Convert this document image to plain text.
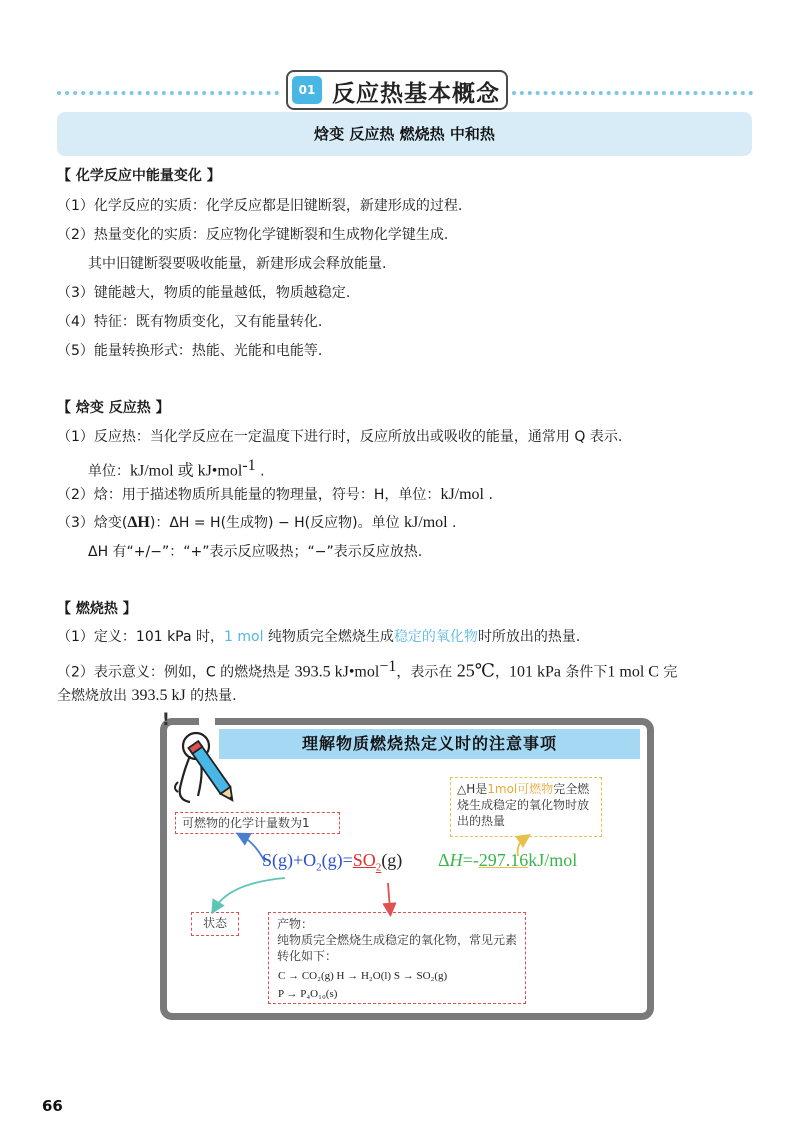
01 反应热基本概念
焓变 反应热 燃烧热 中和热
【 化学反应中能量变化 】
（1）化学反应的实质：化学反应都是旧键断裂，新建形成的过程.
（2）热量变化的实质：反应物化学键断裂和生成物化学键生成.
其中旧键断裂要吸收能量，新建形成会释放能量.
（3）键能越大，物质的能量越低，物质越稳定.
（4）特征：既有物质变化，又有能量转化.
（5）能量转换形式：热能、光能和电能等.
【 焓变 反应热 】
（1）反应热：当化学反应在一定温度下进行时，反应所放出或吸收的能量，通常用 Q 表示.
单位：kJ/mol 或 kJ•mol$^{-1}$ .
（2）焓：用于描述物质所具能量的物理量，符号：H，单位：kJ/mol .
（3）焓变(ΔH)：ΔH = H(生成物) − H(反应物)。单位 kJ/mol .
ΔH 有“+/−”：“+”表示反应吸热；“−”表示反应放热.
【 燃烧热 】
（1）定义：101 kPa 时，1 mol 纯物质完全燃烧生成稳定的氧化物时所放出的热量.
（2）表示意义：例如，C 的燃烧热是 393.5 kJ•mol$^{-1}$，表示在 25℃，101 kPa 条件下1 mol C 完
全燃烧放出 393.5 kJ 的热量.
!
理解物质燃烧热定义时的注意事项
可燃物的化学计量数为1
△H是1mol可燃物完全燃烧生成稳定的氧化物时放出的热量
状态
$S(g)+O_2(g)=SO_2(g)$ ΔH=-297.16kJ/mol
产物：
纯物质完全燃烧生成稳定的氧化物，常见元素转化如下：
C → CO₂(g) H → H₂O(l) S → SO₂(g)
P → P₄O₁₀(s)
66
